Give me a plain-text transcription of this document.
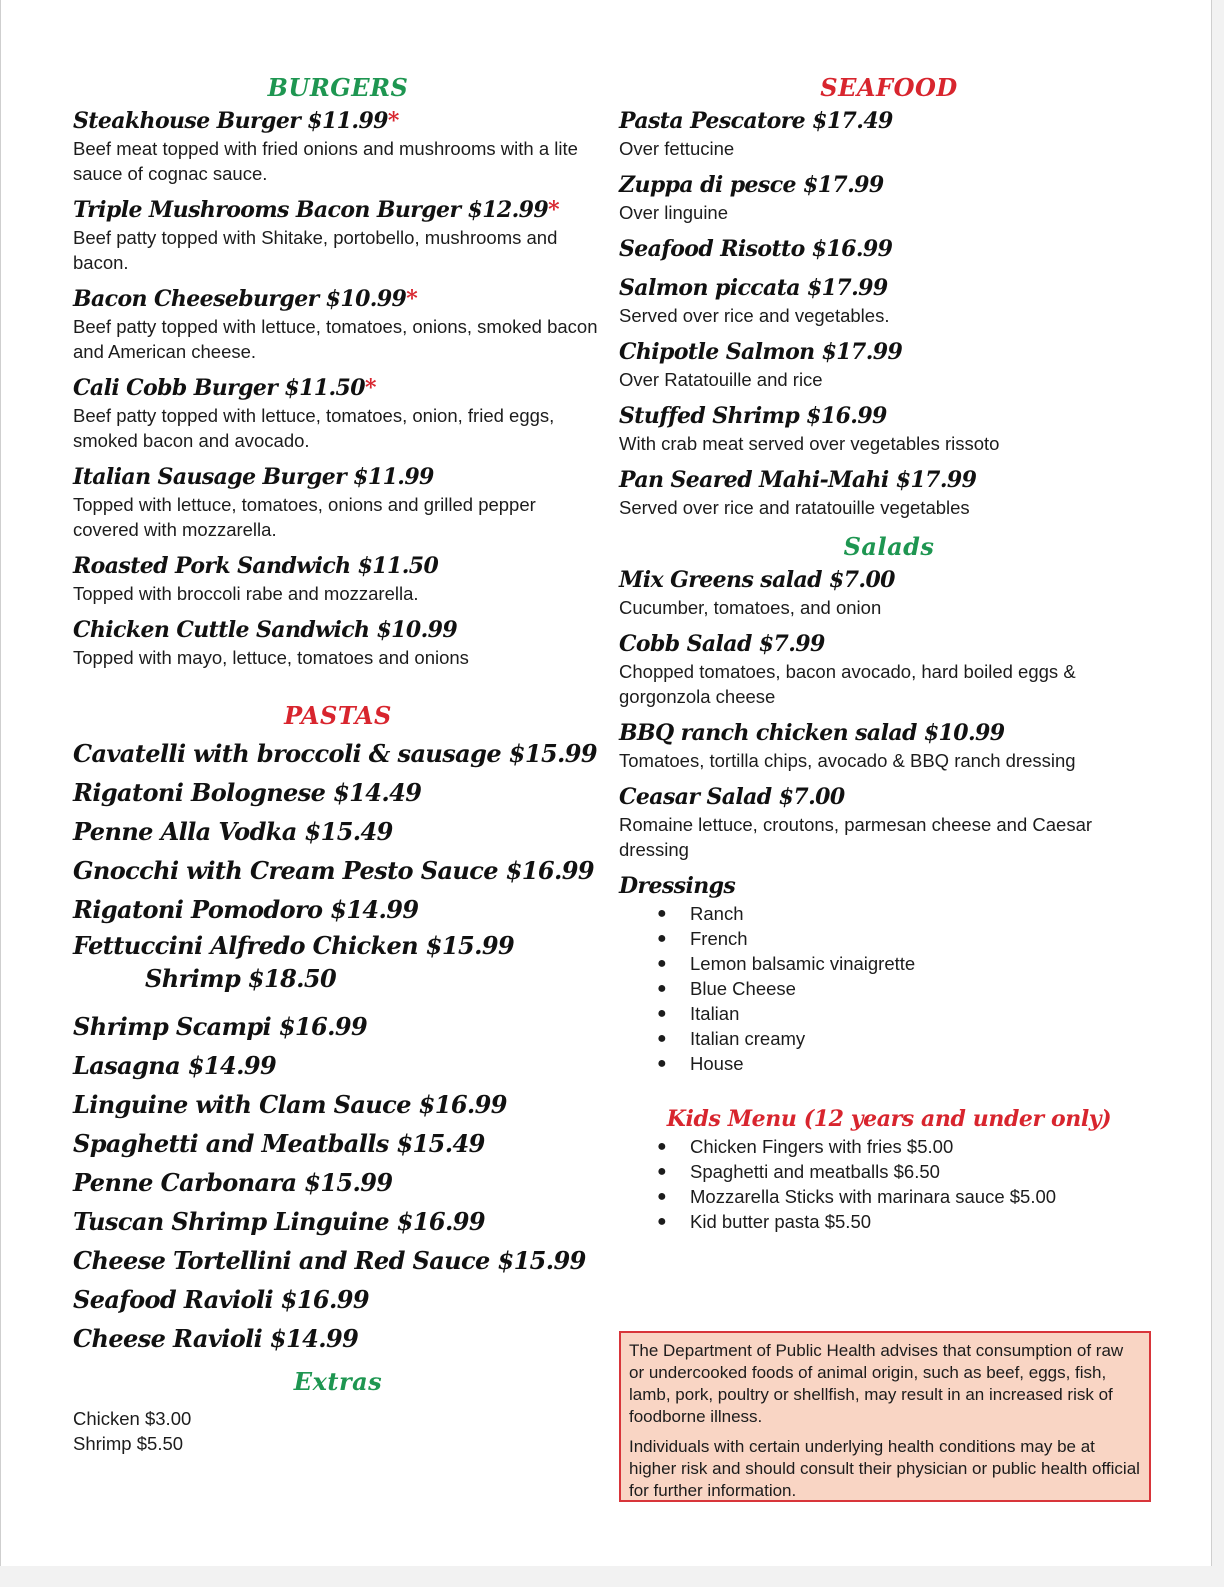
BURGERS
Steakhouse Burger $11.99*
Beef meat topped with fried onions and mushrooms with a lite sauce of cognac sauce.
Triple Mushrooms Bacon Burger $12.99*
Beef patty topped with Shitake, portobello, mushrooms and bacon.
Bacon Cheeseburger $10.99*
Beef patty topped with lettuce, tomatoes, onions, smoked bacon and American cheese.
Cali Cobb Burger $11.50*
Beef patty topped with lettuce, tomatoes, onion, fried eggs, smoked bacon and avocado.
Italian Sausage Burger $11.99
Topped with lettuce, tomatoes, onions and grilled pepper covered with mozzarella.
Roasted Pork Sandwich $11.50
Topped with broccoli rabe and mozzarella.
Chicken Cuttle Sandwich $10.99
Topped with mayo, lettuce, tomatoes and onions
PASTAS
Cavatelli with broccoli & sausage $15.99
Rigatoni Bolognese $14.49
Penne Alla Vodka $15.49
Gnocchi with Cream Pesto Sauce $16.99
Rigatoni Pomodoro $14.99
Fettuccini Alfredo Chicken $15.99
Shrimp $18.50
Shrimp Scampi $16.99
Lasagna $14.99
Linguine with Clam Sauce $16.99
Spaghetti and Meatballs $15.49
Penne Carbonara $15.99
Tuscan Shrimp Linguine $16.99
Cheese Tortellini and Red Sauce $15.99
Seafood Ravioli $16.99
Cheese Ravioli $14.99
Extras
Chicken $3.00
Shrimp $5.50
SEAFOOD
Pasta Pescatore $17.49
Over fettucine
Zuppa di pesce $17.99
Over linguine
Seafood Risotto $16.99
Salmon piccata $17.99
Served over rice and vegetables.
Chipotle Salmon $17.99
Over Ratatouille and rice
Stuffed Shrimp $16.99
With crab meat served over vegetables rissoto
Pan Seared Mahi-Mahi $17.99
Served over rice and ratatouille vegetables
Salads
Mix Greens salad $7.00
Cucumber, tomatoes, and onion
Cobb Salad $7.99
Chopped tomatoes, bacon avocado, hard boiled eggs & gorgonzola cheese
BBQ ranch chicken salad $10.99
Tomatoes, tortilla chips, avocado & BBQ ranch dressing
Ceasar Salad $7.00
Romaine lettuce, croutons, parmesan cheese and Caesar dressing
Dressings
●	Ranch
●	French
●	Lemon balsamic vinaigrette
●	Blue Cheese
●	Italian
●	Italian creamy
●	House
Kids Menu (12 years and under only)
●	Chicken Fingers with fries $5.00
●	Spaghetti and meatballs $6.50
●	Mozzarella Sticks with marinara sauce $5.00
●	Kid butter pasta $5.50

The Department of Public Health advises that consumption of raw or undercooked foods of animal origin, such as beef, eggs, fish, lamb, pork, poultry or shellfish, may result in an increased risk of foodborne illness.

Individuals with certain underlying health conditions may be at higher risk and should consult their physician or public health official for further information.
